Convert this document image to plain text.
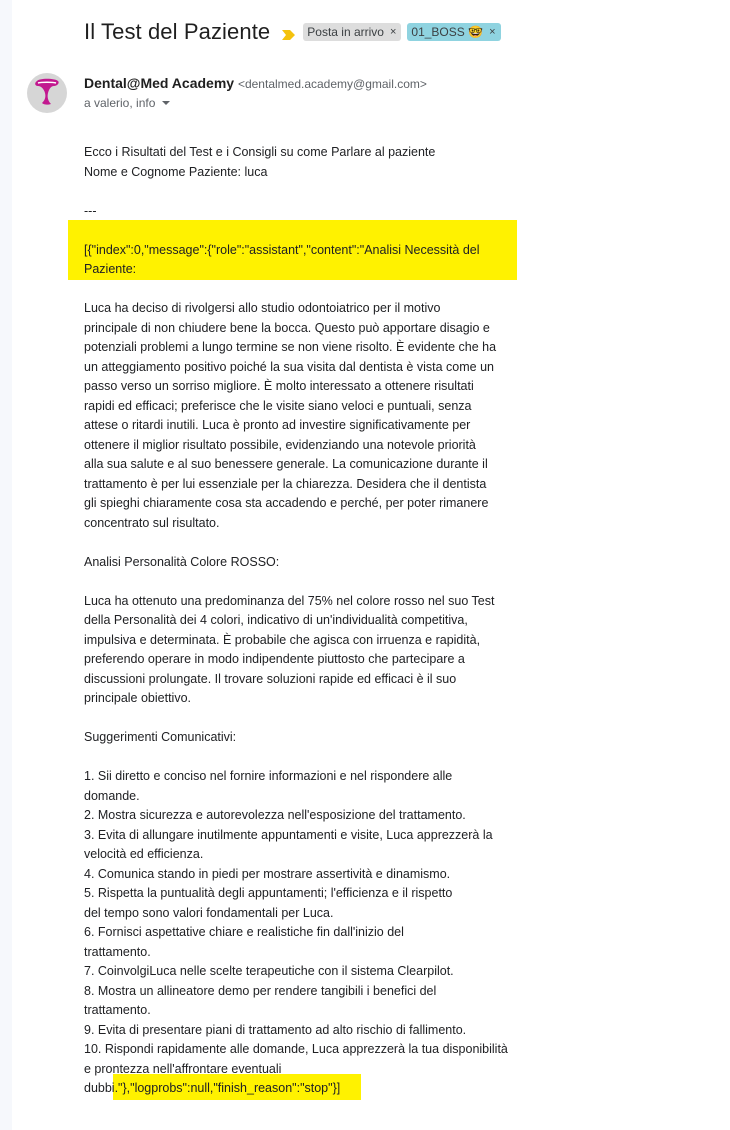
Il Test del Paziente	Posta in arrivo × 01_BOSS 🤓 ×
Dental@Med Academy <dentalmed.academy@gmail.com>
a valerio, info

Ecco i Risultati del Test e i Consigli su come Parlare al paziente

Nome e Cognome Paziente: luca

---

[{"index":0,"message":{"role":"assistant","content":"Analisi Necessità del

Paziente:

Luca ha deciso di rivolgersi allo studio odontoiatrico per il motivo

principale di non chiudere bene la bocca. Questo può apportare disagio e

potenziali problemi a lungo termine se non viene risolto. È evidente che ha

un atteggiamento positivo poiché la sua visita dal dentista è vista come un

passo verso un sorriso migliore. È molto interessato a ottenere risultati

rapidi ed efficaci; preferisce che le visite siano veloci e puntuali, senza

attese o ritardi inutili. Luca è pronto ad investire significativamente per

ottenere il miglior risultato possibile, evidenziando una notevole priorità

alla sua salute e al suo benessere generale. La comunicazione durante il

trattamento è per lui essenziale per la chiarezza. Desidera che il dentista

gli spieghi chiaramente cosa sta accadendo e perché, per poter rimanere

concentrato sul risultato.

Analisi Personalità Colore ROSSO:

Luca ha ottenuto una predominanza del 75% nel colore rosso nel suo Test

della Personalità dei 4 colori, indicativo di un'individualità competitiva,

impulsiva e determinata. È probabile che agisca con irruenza e rapidità,

preferendo operare in modo indipendente piuttosto che partecipare a

discussioni prolungate. Il trovare soluzioni rapide ed efficaci è il suo

principale obiettivo.

Suggerimenti Comunicativi:

1. Sii diretto e conciso nel fornire informazioni e nel rispondere alle

domande.

2. Mostra sicurezza e autorevolezza nell'esposizione del trattamento.

3. Evita di allungare inutilmente appuntamenti e visite, Luca apprezzerà la

velocità ed efficienza.

4. Comunica stando in piedi per mostrare assertività e dinamismo.

5. Rispetta la puntualità degli appuntamenti; l'efficienza e il rispetto

del tempo sono valori fondamentali per Luca.

6. Fornisci aspettative chiare e realistiche fin dall'inizio del

trattamento.

7. CoinvolgiLuca nelle scelte terapeutiche con il sistema Clearpilot.

8. Mostra un allineatore demo per rendere tangibili i benefici del

trattamento.

9. Evita di presentare piani di trattamento ad alto rischio di fallimento.

10. Rispondi rapidamente alle domande, Luca apprezzerà la tua disponibilità

e prontezza nell'affrontare eventuali

dubbi."},"logprobs":null,"finish_reason":"stop"}]
